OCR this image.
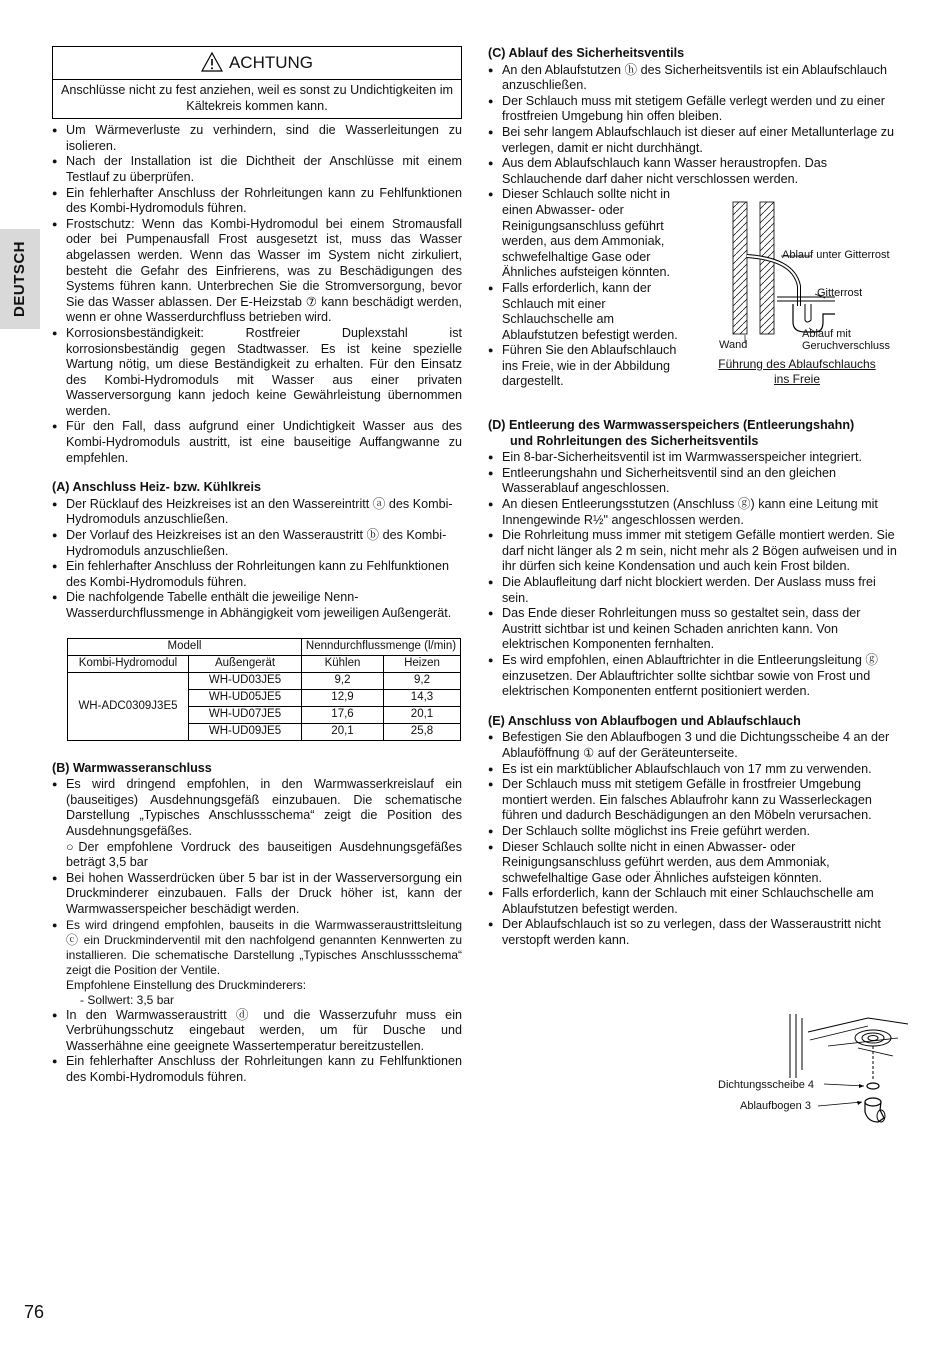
DEUTSCH
ACHTUNG
Anschlüsse nicht zu fest anziehen, weil es sonst zu Undichtigkeiten im Kältekreis kommen kann.
● Um Wärmeverluste zu verhindern, sind die Wasserleitungen zu isolieren.
● Nach der Installation ist die Dichtheit der Anschlüsse mit einem Testlauf zu überprüfen.
● Ein fehlerhafter Anschluss der Rohrleitungen kann zu Fehlfunktionen des Kombi-Hydromoduls führen.
● Frostschutz: Wenn das Kombi-Hydromodul bei einem Stromausfall oder bei Pumpenausfall Frost ausgesetzt ist, muss das Wasser abgelassen werden. Wenn das Wasser im System nicht zirkuliert, besteht die Gefahr des Einfrierens, was zu Beschädigungen des Systems führen kann. Unterbrechen Sie die Stromversorgung, bevor Sie das Wasser ablassen. Der E-Heizstab ⑦ kann beschädigt werden, wenn er ohne Wasserdurchfluss betrieben wird.
● Korrosionsbeständigkeit: Rostfreier Duplexstahl ist korrosionsbeständig gegen Stadtwasser. Es ist keine spezielle Wartung nötig, um diese Beständigkeit zu erhalten. Für den Einsatz des Kombi-Hydromoduls mit Wasser aus einer privaten Wasserversorgung kann jedoch keine Gewährleistung übernommen werden.
● Für den Fall, dass aufgrund einer Undichtigkeit Wasser aus des Kombi-Hydromoduls austritt, ist eine bauseitige Auffangwanne zu empfehlen.
(A) Anschluss Heiz- bzw. Kühlkreis
● Der Rücklauf des Heizkreises ist an den Wassereintritt ⓐ des Kombi-Hydromoduls anzuschließen.
● Der Vorlauf des Heizkreises ist an den Wasseraustritt ⓑ des Kombi-Hydromoduls anzuschließen.
● Ein fehlerhafter Anschluss der Rohrleitungen kann zu Fehlfunktionen des Kombi-Hydromoduls führen.
● Die nachfolgende Tabelle enthält die jeweilige Nenn-Wasserdurchflussmenge in Abhängigkeit vom jeweiligen Außengerät.
Modell		Nenndurchflussmenge (l/min)	
Kombi-Hydromodul	Außengerät	Kühlen	Heizen
WH-ADC0309J3E5	WH-UD03JE5	9,2	9,2
	WH-UD05JE5	12,9	14,3
	WH-UD07JE5	17,6	20,1
	WH-UD09JE5	20,1	25,8
(B) Warmwasseranschluss
● Es wird dringend empfohlen, in den Warmwasserkreislauf ein (bauseitiges) Ausdehnungsgefäß einzubauen. Die schematische Darstellung „Typisches Anschlussschema“ zeigt die Position des Ausdehnungsgefäßes.
○Der empfohlene Vordruck des bauseitigen Ausdehnungsgefäßes beträgt 3,5 bar
● Bei hohen Wasserdrücken über 5 bar ist in der Wasserversorgung ein Druckminderer einzubauen. Falls der Druck höher ist, kann der Warmwasserspeicher beschädigt werden.
● Es wird dringend empfohlen, bauseits in die Warmwasseraustrittsleitung ⓒ ein Druckminderventil mit den nachfolgend genannten Kennwerten zu installieren. Die schematische Darstellung „Typisches Anschlussschema“ zeigt die Position der Ventile.
Empfohlene Einstellung des Druckminderers:
- Sollwert: 3,5 bar
● In den Warmwasseraustritt ⓓ und die Wasserzufuhr muss ein Verbrühungsschutz eingebaut werden, um für Dusche und Wasserhähne eine geeignete Wassertemperatur bereitzustellen.
● Ein fehlerhafter Anschluss der Rohrleitungen kann zu Fehlfunktionen des Kombi-Hydromoduls führen.
(C) Ablauf des Sicherheitsventils
● An den Ablaufstutzen ⓗ des Sicherheitsventils ist ein Ablaufschlauch anzuschließen.
● Der Schlauch muss mit stetigem Gefälle verlegt werden und zu einer frostfreien Umgebung hin offen bleiben.
● Bei sehr langem Ablaufschlauch ist dieser auf einer Metallunterlage zu verlegen, damit er nicht durchhängt.
● Aus dem Ablaufschlauch kann Wasser heraustropfen. Das Schlauchende darf daher nicht verschlossen werden.
● Dieser Schlauch sollte nicht in einen Abwasser- oder Reinigungsanschluss geführt werden, aus dem Ammoniak, schwefelhaltige Gase oder Ähnliches aufsteigen könnten.
● Falls erforderlich, kann der Schlauch mit einer Schlauchschelle am Ablaufstutzen befestigt werden.
● Führen Sie den Ablaufschlauch ins Freie, wie in der Abbildung dargestellt.
(D) Entleerung des Warmwasserspeichers (Entleerungshahn)
und Rohrleitungen des Sicherheitsventils
● Ein 8-bar-Sicherheitsventil ist im Warmwasserspeicher integriert.
● Entleerungshahn und Sicherheitsventil sind an den gleichen Wasserablauf angeschlossen.
● An diesen Entleerungsstutzen (Anschluss ⓖ) kann eine Leitung mit Innengewinde R½" angeschlossen werden.
● Die Rohrleitung muss immer mit stetigem Gefälle montiert werden. Sie darf nicht länger als 2 m sein, nicht mehr als 2 Bögen aufweisen und in ihr dürfen sich keine Kondensation und auch kein Frost bilden.
● Die Ablaufleitung darf nicht blockiert werden. Der Auslass muss frei sein.
● Das Ende dieser Rohrleitungen muss so gestaltet sein, dass der Austritt sichtbar ist und keinen Schaden anrichten kann. Von elektrischen Komponenten fernhalten.
● Es wird empfohlen, einen Ablauftrichter in die Entleerungsleitung ⓖ einzusetzen. Der Ablauftrichter sollte sichtbar sowie von Frost und elektrischen Komponenten entfernt positioniert werden.
(E) Anschluss von Ablaufbogen und Ablaufschlauch
● Befestigen Sie den Ablaufbogen 3 und die Dichtungsscheibe 4 an der Ablauföffnung ① auf der Geräteunterseite.
● Es ist ein marktüblicher Ablaufschlauch von 17 mm zu verwenden.
● Der Schlauch muss mit stetigem Gefälle in frostfreier Umgebung montiert werden. Ein falsches Ablaufrohr kann zu Wasserleckagen führen und dadurch Beschädigungen an den Möbeln verursachen.
● Der Schlauch sollte möglichst ins Freie geführt werden.
● Dieser Schlauch sollte nicht in einen Abwasser- oder Reinigungsanschluss geführt werden, aus dem Ammoniak, schwefelhaltige Gase oder Ähnliches aufsteigen könnten.
● Falls erforderlich, kann der Schlauch mit einer Schlauchschelle am Ablaufstutzen befestigt werden.
● Der Ablaufschlauch ist so zu verlegen, dass der Wasseraustritt nicht verstopft werden kann.
Ablauf unter Gitterrost
Gitterrost
Wand
Ablauf mit Geruchverschluss
Führung des Ablaufschlauchs ins Freie
Dichtungsscheibe 4
Ablaufbogen 3
76
